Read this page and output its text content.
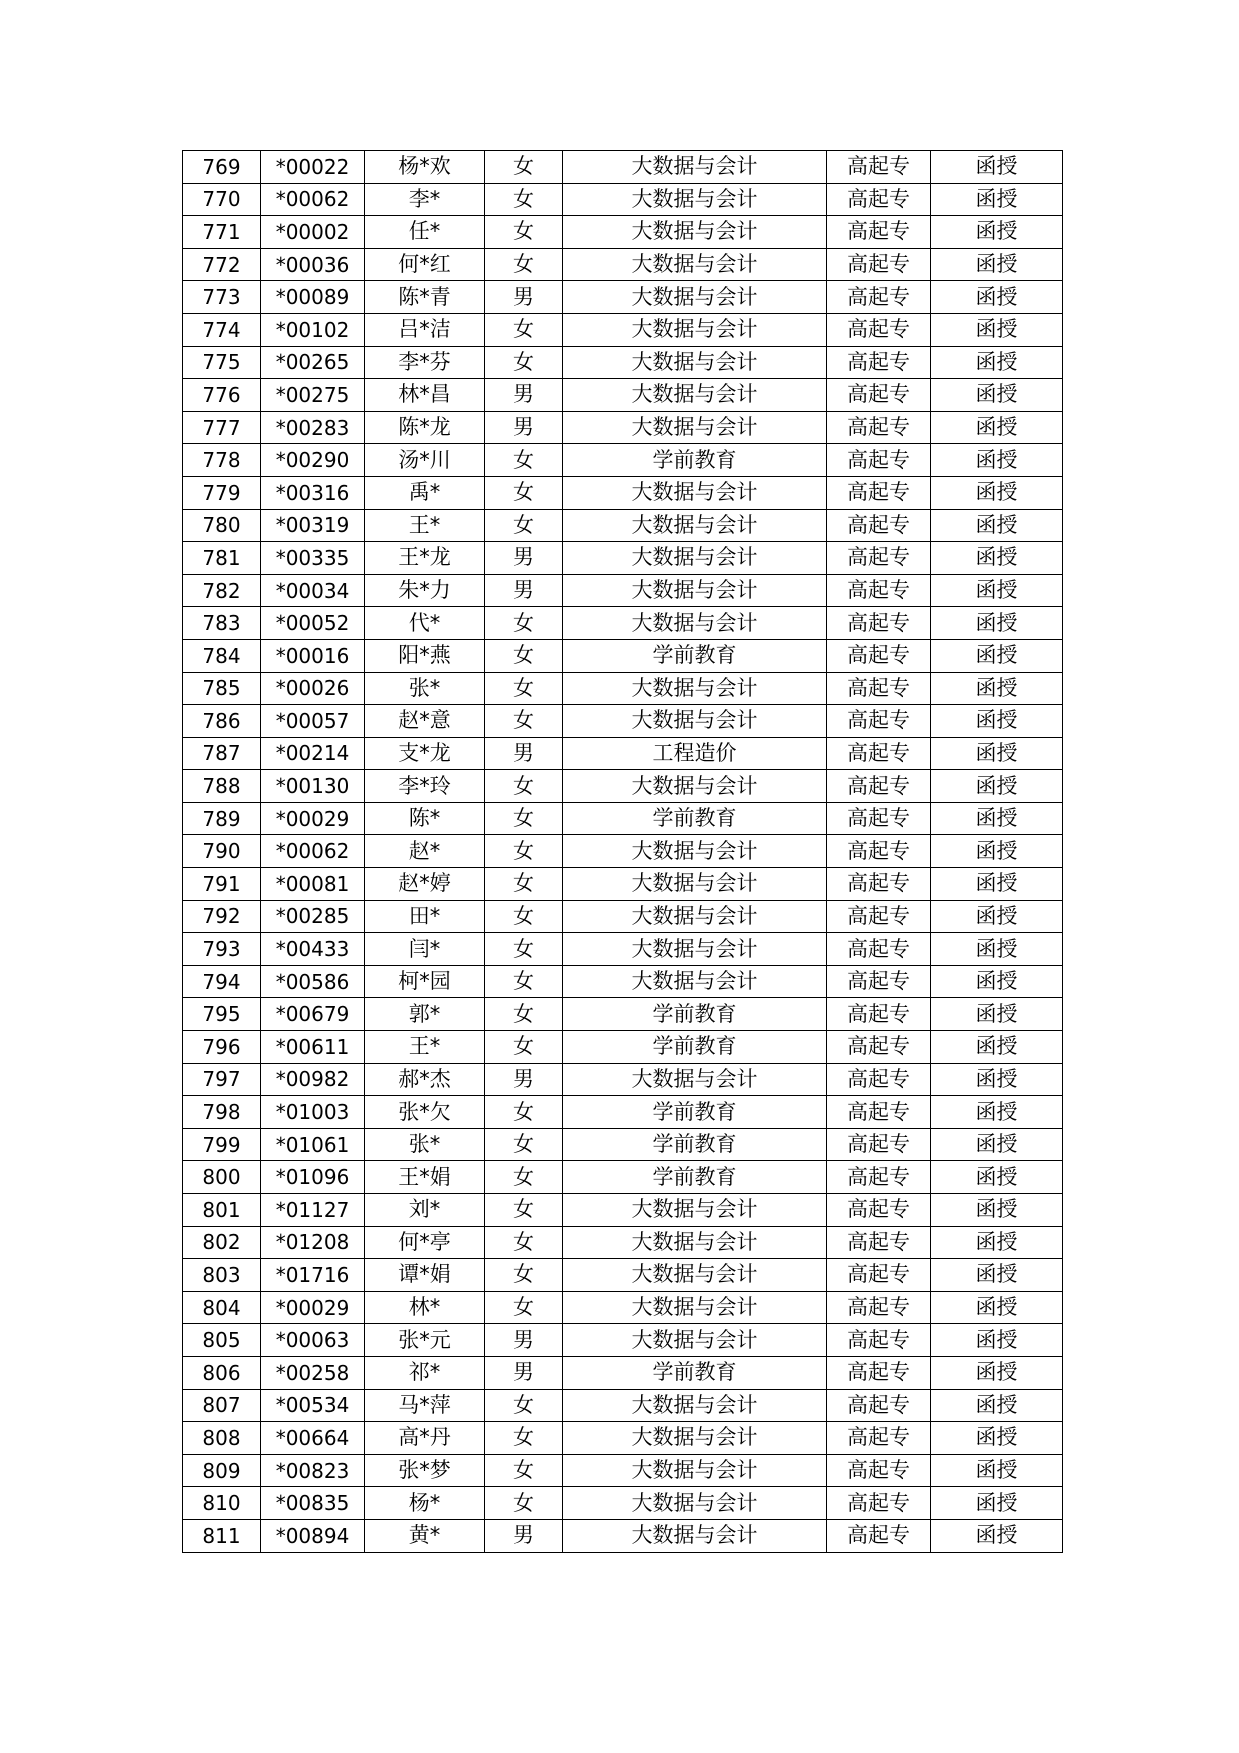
769	*00022	杨*欢	女	大数据与会计	高起专	函授
770	*00062	李*	女	大数据与会计	高起专	函授
771	*00002	任*	女	大数据与会计	高起专	函授
772	*00036	何*红	女	大数据与会计	高起专	函授
773	*00089	陈*青	男	大数据与会计	高起专	函授
774	*00102	吕*洁	女	大数据与会计	高起专	函授
775	*00265	李*芬	女	大数据与会计	高起专	函授
776	*00275	林*昌	男	大数据与会计	高起专	函授
777	*00283	陈*龙	男	大数据与会计	高起专	函授
778	*00290	汤*川	女	学前教育	高起专	函授
779	*00316	禹*	女	大数据与会计	高起专	函授
780	*00319	王*	女	大数据与会计	高起专	函授
781	*00335	王*龙	男	大数据与会计	高起专	函授
782	*00034	朱*力	男	大数据与会计	高起专	函授
783	*00052	代*	女	大数据与会计	高起专	函授
784	*00016	阳*燕	女	学前教育	高起专	函授
785	*00026	张*	女	大数据与会计	高起专	函授
786	*00057	赵*意	女	大数据与会计	高起专	函授
787	*00214	支*龙	男	工程造价	高起专	函授
788	*00130	李*玲	女	大数据与会计	高起专	函授
789	*00029	陈*	女	学前教育	高起专	函授
790	*00062	赵*	女	大数据与会计	高起专	函授
791	*00081	赵*婷	女	大数据与会计	高起专	函授
792	*00285	田*	女	大数据与会计	高起专	函授
793	*00433	闫*	女	大数据与会计	高起专	函授
794	*00586	柯*园	女	大数据与会计	高起专	函授
795	*00679	郭*	女	学前教育	高起专	函授
796	*00611	王*	女	学前教育	高起专	函授
797	*00982	郝*杰	男	大数据与会计	高起专	函授
798	*01003	张*欠	女	学前教育	高起专	函授
799	*01061	张*	女	学前教育	高起专	函授
800	*01096	王*娟	女	学前教育	高起专	函授
801	*01127	刘*	女	大数据与会计	高起专	函授
802	*01208	何*亭	女	大数据与会计	高起专	函授
803	*01716	谭*娟	女	大数据与会计	高起专	函授
804	*00029	林*	女	大数据与会计	高起专	函授
805	*00063	张*元	男	大数据与会计	高起专	函授
806	*00258	祁*	男	学前教育	高起专	函授
807	*00534	马*萍	女	大数据与会计	高起专	函授
808	*00664	高*丹	女	大数据与会计	高起专	函授
809	*00823	张*梦	女	大数据与会计	高起专	函授
810	*00835	杨*	女	大数据与会计	高起专	函授
811	*00894	黄*	男	大数据与会计	高起专	函授
